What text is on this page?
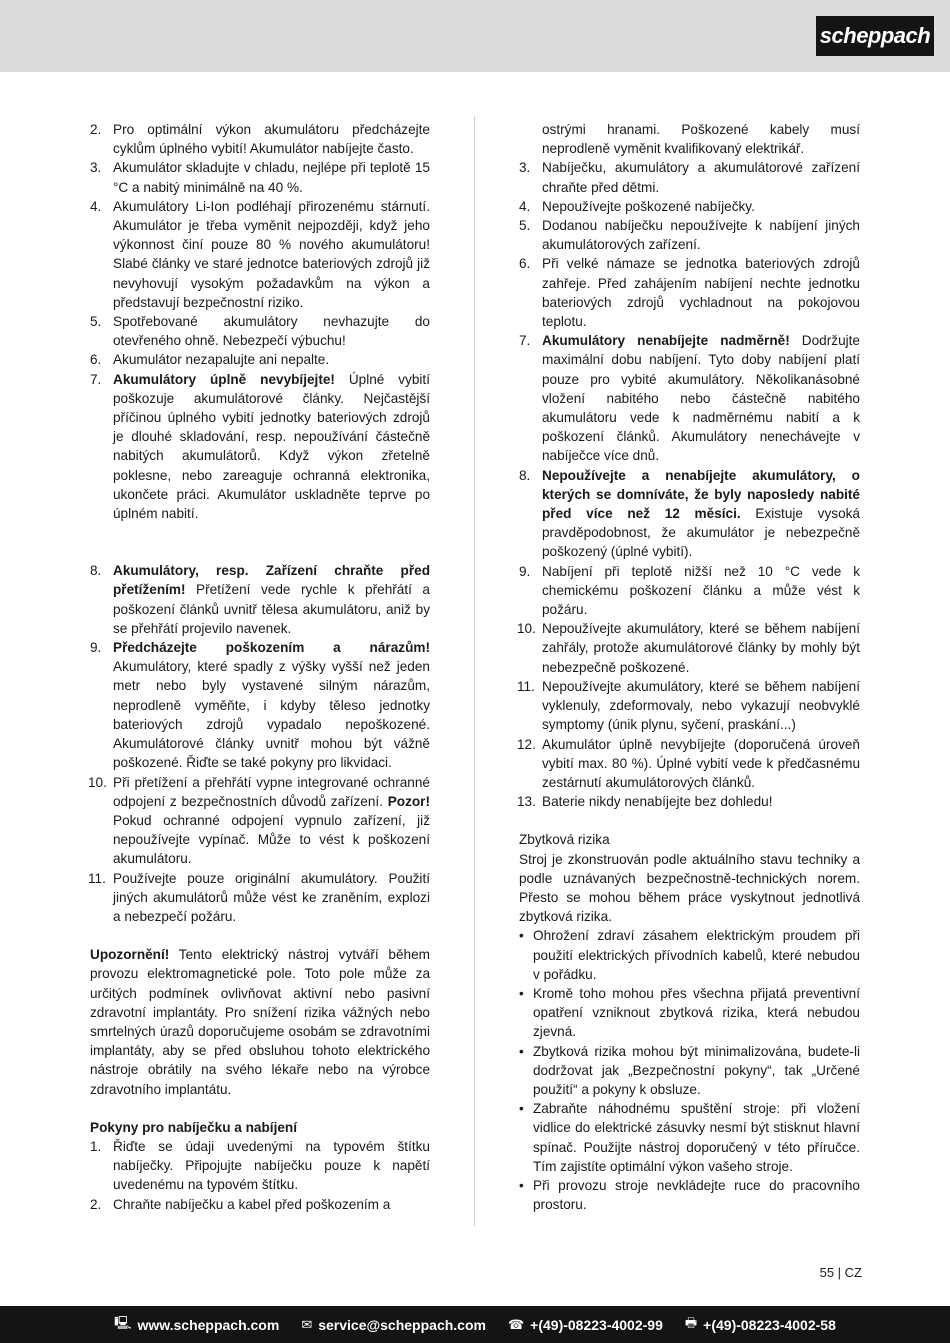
scheppach
2. Pro optimální výkon akumulátoru předcházejte cyklům úplného vybití! Akumulátor nabíjejte často.
3. Akumulátor skladujte v chladu, nejlépe při teplotě 15 °C a nabitý minimálně na 40 %.
4. Akumulátory Li-Ion podléhají přirozenému stárnutí. Akumulátor je třeba vyměnit nejpozději, když jeho výkonnost činí pouze 80 % nového akumulátoru! Slabé články ve staré jednotce bateriových zdrojů již nevyhovují vysokým požadavkům na výkon a představují bezpečnostní riziko.
5. Spotřebované akumulátory nevhazujte do otevřeného ohně. Nebezpečí výbuchu!
6. Akumulátor nezapalujte ani nepalte.
7. Akumulátory úplně nevybíjejte! Úplné vybití poškozuje akumulátorové články. Nejčastější příčinou úplného vybití jednotky bateriových zdrojů je dlouhé skladování, resp. nepoužívání částečně nabitých akumulátorů. Když výkon zřetelně poklesne, nebo zareaguje ochranná elektronika, ukončete práci. Akumulátor uskladněte teprve po úplném nabití.
8. Akumulátory, resp. Zařízení chraňte před přetížením! Přetížení vede rychle k přehřátí a poškození článků uvnitř tělesa akumulátoru, aniž by se přehřátí projevilo navenek.
9. Předcházejte poškozením a nárazům! Akumulátory, které spadly z výšky vyšší než jeden metr nebo byly vystavené silným nárazům, neprodleně vyměňte, i kdyby těleso jednotky bateriových zdrojů vypadalo nepoškozené. Akumulátorové články uvnitř mohou být vážně poškozené. Řiďte se také pokyny pro likvidaci.
10. Při přetížení a přehřátí vypne integrované ochranné odpojení z bezpečnostních důvodů zařízení. Pozor! Pokud ochranné odpojení vypnulo zařízení, již nepoužívejte vypínač. Může to vést k poškození akumulátoru.
11. Používejte pouze originální akumulátory. Použití jiných akumulátorů může vést ke zraněním, explozi a nebezpečí požáru.
Upozornění! Tento elektrický nástroj vytváří během provozu elektromagnetické pole. Toto pole může za určitých podmínek ovlivňovat aktivní nebo pasivní zdravotní implantáty. Pro snížení rizika vážných nebo smrtelných úrazů doporučujeme osobám se zdravotními implantáty, aby se před obsluhou tohoto elektrického nástroje obrátily na svého lékaře nebo na výrobce zdravotního implantátu.
Pokyny pro nabíječku a nabíjení
1. Řiďte se údaji uvedenými na typovém štítku nabíječky. Připojujte nabíječku pouze k napětí uvedenému na typovém štítku.
2. Chraňte nabíječku a kabel před poškozením a
ostrými hranami. Poškozené kabely musí neprodleně vyměnit kvalifikovaný elektrikář.
3. Nabíječku, akumulátory a akumulátorové zařízení chraňte před dětmi.
4. Nepoužívejte poškozené nabíječky.
5. Dodanou nabíječku nepoužívejte k nabíjení jiných akumulátorových zařízení.
6. Při velké námaze se jednotka bateriových zdrojů zahřeje. Před zahájením nabíjení nechte jednotku bateriových zdrojů vychladnout na pokojovou teplotu.
7. Akumulátory nenabíjejte nadměrně! Dodržujte maximální dobu nabíjení. Tyto doby nabíjení platí pouze pro vybité akumulátory. Několikanásobné vložení nabitého nebo částečně nabitého akumulátoru vede k nadměrnému nabití a k poškození článků. Akumulátory nenechávejte v nabíječce více dnů.
8. Nepoužívejte a nenabíjejte akumulátory, o kterých se domníváte, že byly naposledy nabité před více než 12 měsíci. Existuje vysoká pravděpodobnost, že akumulátor je nebezpečně poškozený (úplné vybití).
9. Nabíjení při teplotě nižší než 10 °C vede k chemickému poškození článku a může vést k požáru.
10. Nepoužívejte akumulátory, které se během nabíjení zahřály, protože akumulátorové články by mohly být nebezpečně poškozené.
11. Nepoužívejte akumulátory, které se během nabíjení vyklenuly, zdeformovaly, nebo vykazují neobvyklé symptomy (únik plynu, syčení, praskání...)
12. Akumulátor úplně nevybíjejte (doporučená úroveň vybití max. 80 %). Úplné vybití vede k předčasnému zestárnutí akumulátorových článků.
13. Baterie nikdy nenabíjejte bez dohledu!
Zbytková rizika
Stroj je zkonstruován podle aktuálního stavu techniky a podle uznávaných bezpečnostně-technických norem. Přesto se mohou během práce vyskytnout jednotlivá zbytková rizika.
• Ohrožení zdraví zásahem elektrickým proudem při použití elektrických přívodních kabelů, které nebudou v pořádku.
• Kromě toho mohou přes všechna přijatá preventivní opatření vzniknout zbytková rizika, která nebudou zjevná.
• Zbytková rizika mohou být minimalizována, budete-li dodržovat jak „Bezpečnostní pokyny“, tak „Určené použití“ a pokyny k obsluze.
• Zabraňte náhodnému spuštění stroje: při vložení vidlice do elektrické zásuvky nesmí být stisknut hlavní spínač. Použijte nástroj doporučený v této příručce. Tím zajistíte optimální výkon vašeho stroje.
• Při provozu stroje nevkládejte ruce do pracovního prostoru.
55 | CZ
🖳 www.scheppach.com ✉ service@scheppach.com ☎ +(49)-08223-4002-99 🖶 +(49)-08223-4002-58
